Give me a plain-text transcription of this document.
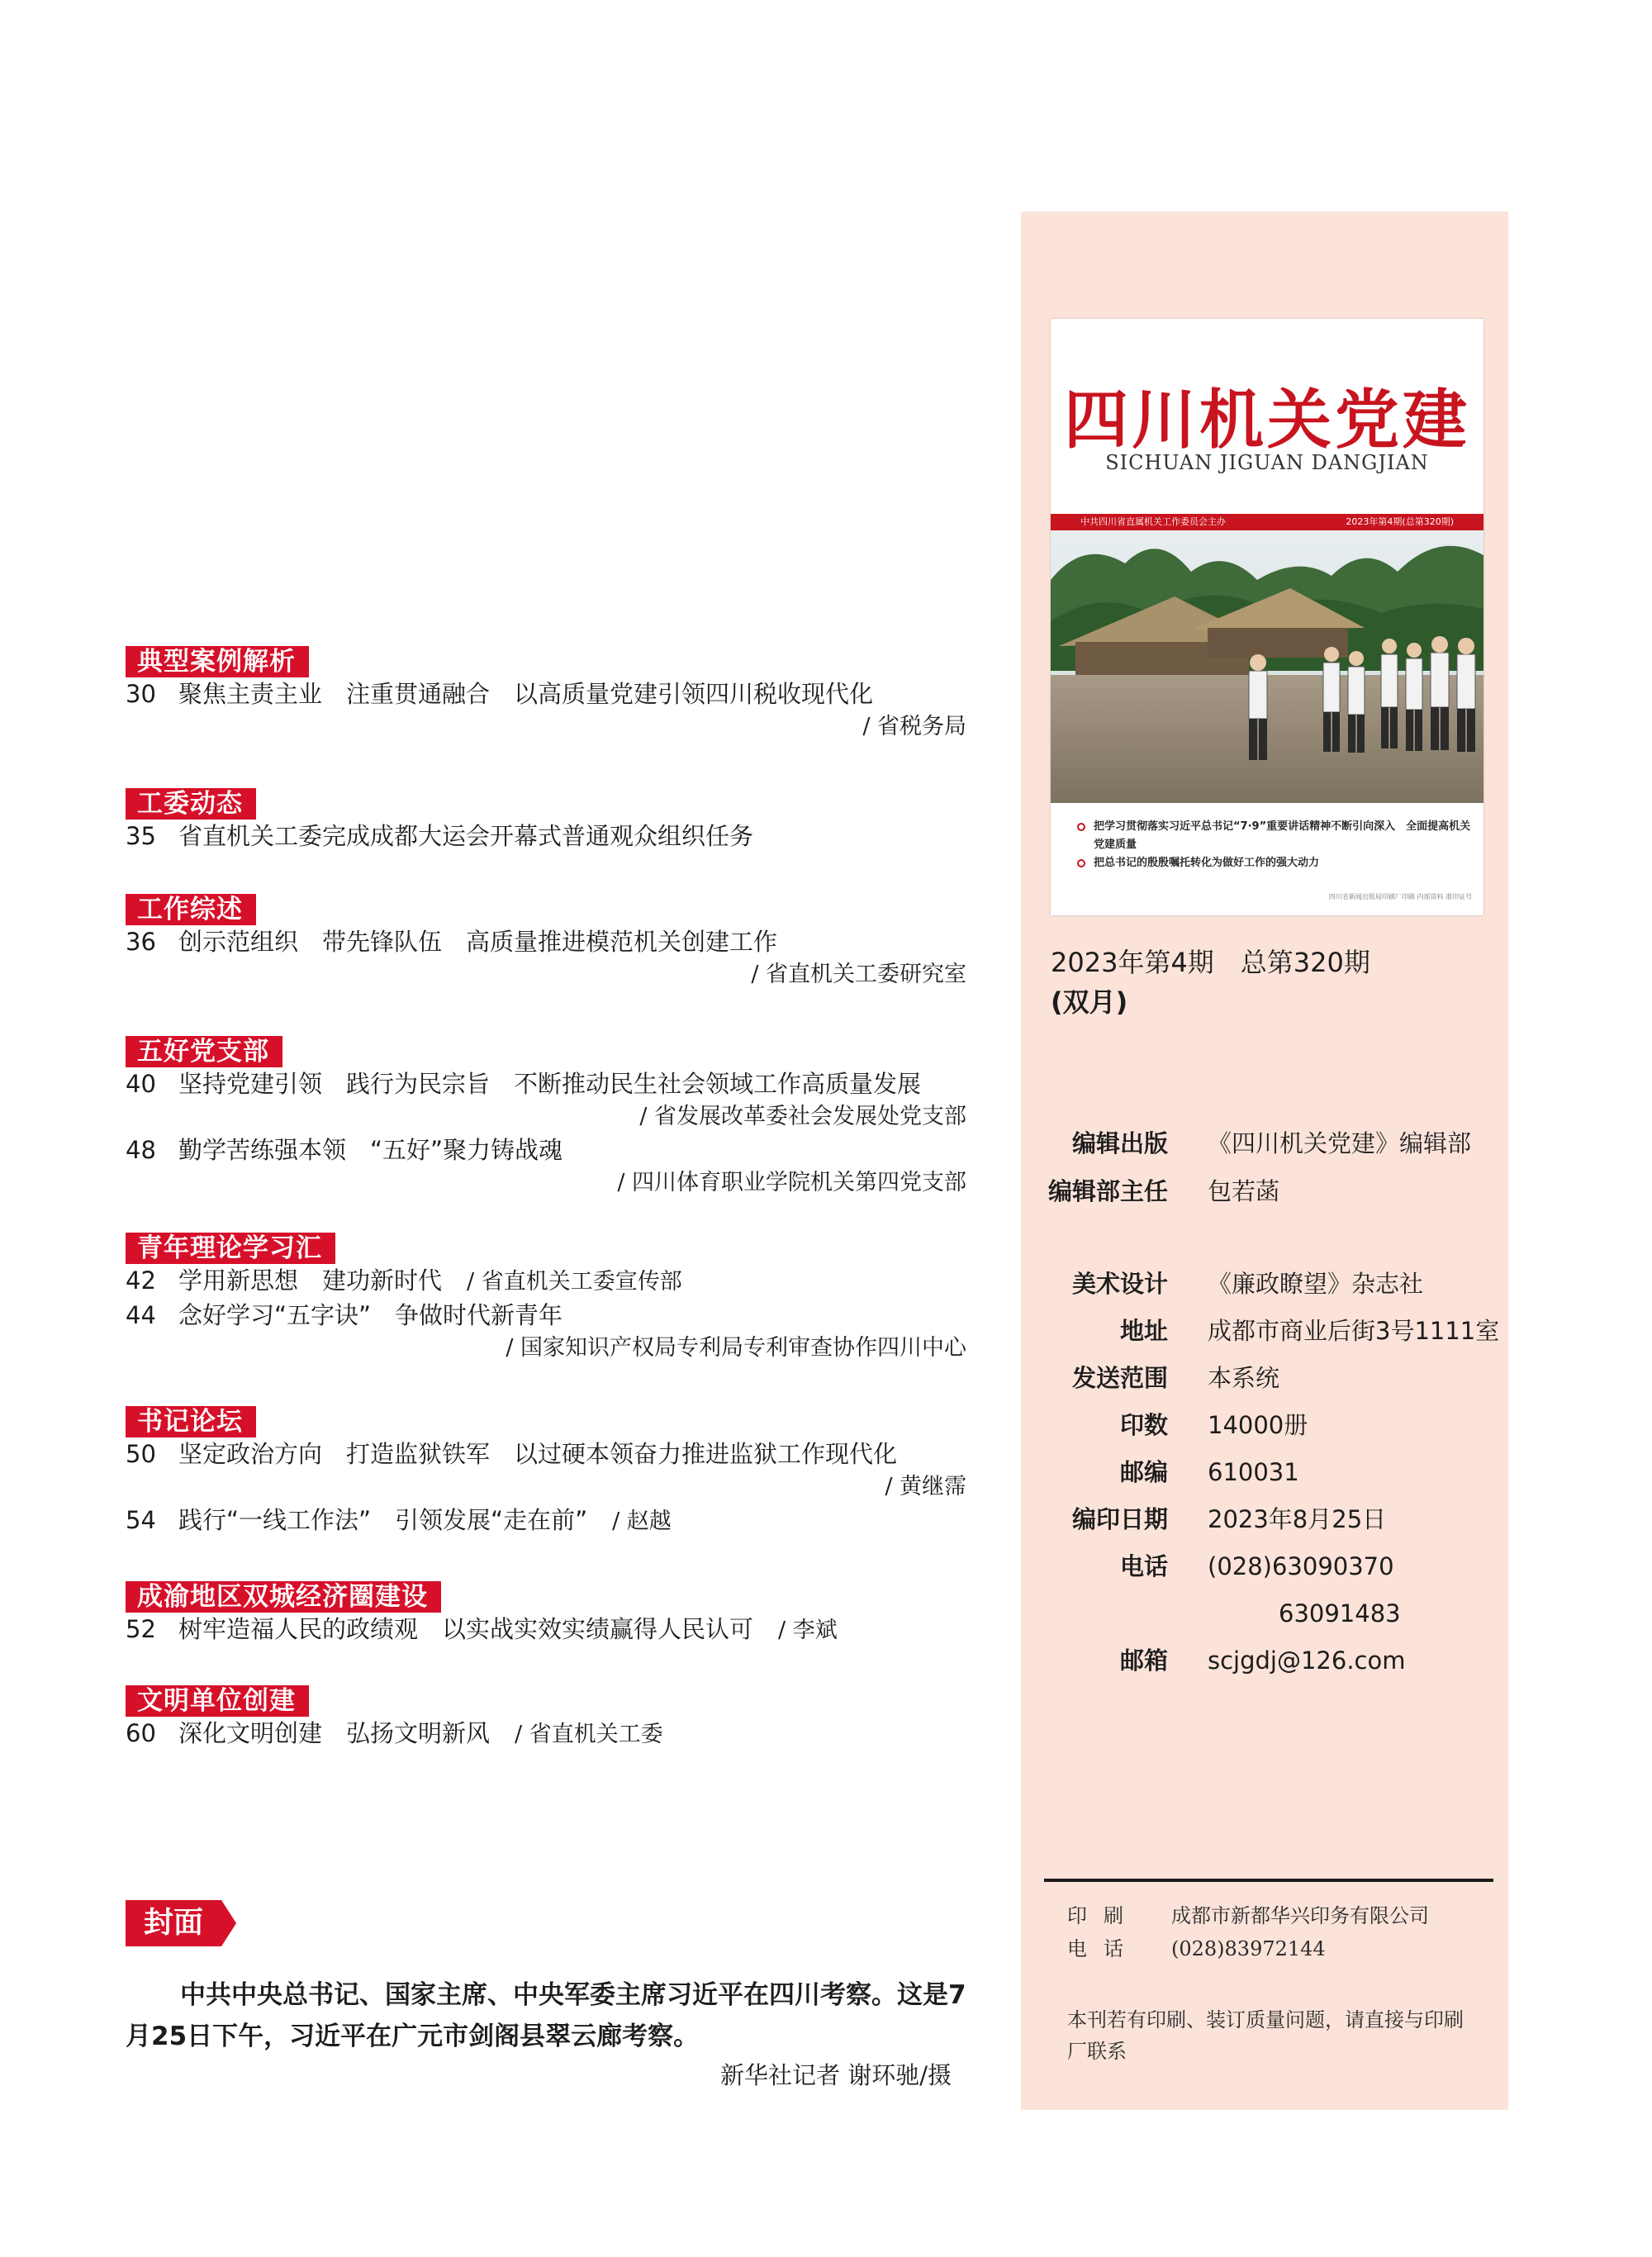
典型案例解析
30 聚焦主责主业　注重贯通融合　以高质量党建引领四川税收现代化
/ 省税务局
工委动态
35 省直机关工委完成成都大运会开幕式普通观众组织任务
工作综述
36 创示范组织　带先锋队伍　高质量推进模范机关创建工作
/ 省直机关工委研究室
五好党支部
40 坚持党建引领　践行为民宗旨　不断推动民生社会领域工作高质量发展
/ 省发展改革委社会发展处党支部
48 勤学苦练强本领　“五好”聚力铸战魂
/ 四川体育职业学院机关第四党支部
青年理论学习汇
42 学用新思想　建功新时代 / 省直机关工委宣传部
44 念好学习“五字诀”　争做时代新青年
/ 国家知识产权局专利局专利审查协作四川中心
书记论坛
50 坚定政治方向　打造监狱铁军　以过硬本领奋力推进监狱工作现代化
/ 黄继霈
54 践行“一线工作法”　引领发展“走在前” / 赵越
成渝地区双城经济圈建设
52 树牢造福人民的政绩观　以实战实效实绩赢得人民认可 / 李斌
文明单位创建
60 深化文明创建　弘扬文明新风 / 省直机关工委
封面
中共中央总书记、国家主席、中央军委主席习近平在四川考察。这是7月25日下午，习近平在广元市剑阁县翠云廊考察。
新华社记者 谢环驰/摄
四川机关党建
SICHUAN JIGUAN DANGJIAN
中共四川省直属机关工作委员会主办	2023年第4期(总第320期)
把学习贯彻落实习近平总书记“7·9”重要讲话精神不断引向深入　全面提高机关党建质量
把总书记的殷殷嘱托转化为做好工作的强大动力
四川省新闻出版局印刷厂印刷 内部资料 准印证号
2023年第4期　总第320期
(双月)
编辑出版 《四川机关党建》编辑部
编辑部主任 包若菡
美术设计 《廉政瞭望》杂志社
地址 成都市商业后街3号1111室
发送范围 本系统
印数 14000册
邮编 610031
编印日期 2023年8月25日
电话 (028)63090370
63091483
邮箱 scjgdj@126.com
印刷 成都市新都华兴印务有限公司
电话 (028)83972144
本刊若有印刷、装订质量问题，请直接与印刷厂联系
